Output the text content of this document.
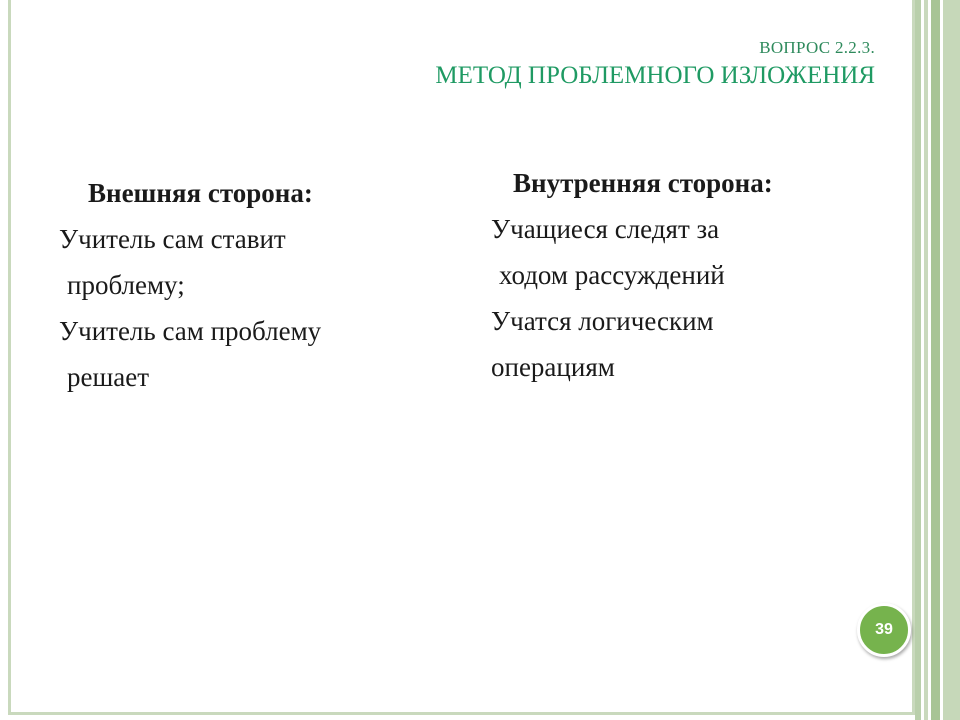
ВОПРОС 2.2.3.
МЕТОД ПРОБЛЕМНОГО ИЗЛОЖЕНИЯ
Внешняя сторона:
Учитель сам ставит
проблему;
Учитель сам проблему
решает
Внутренняя сторона:
Учащиеся следят за
ходом рассуждений
Учатся логическим
операциям
39
